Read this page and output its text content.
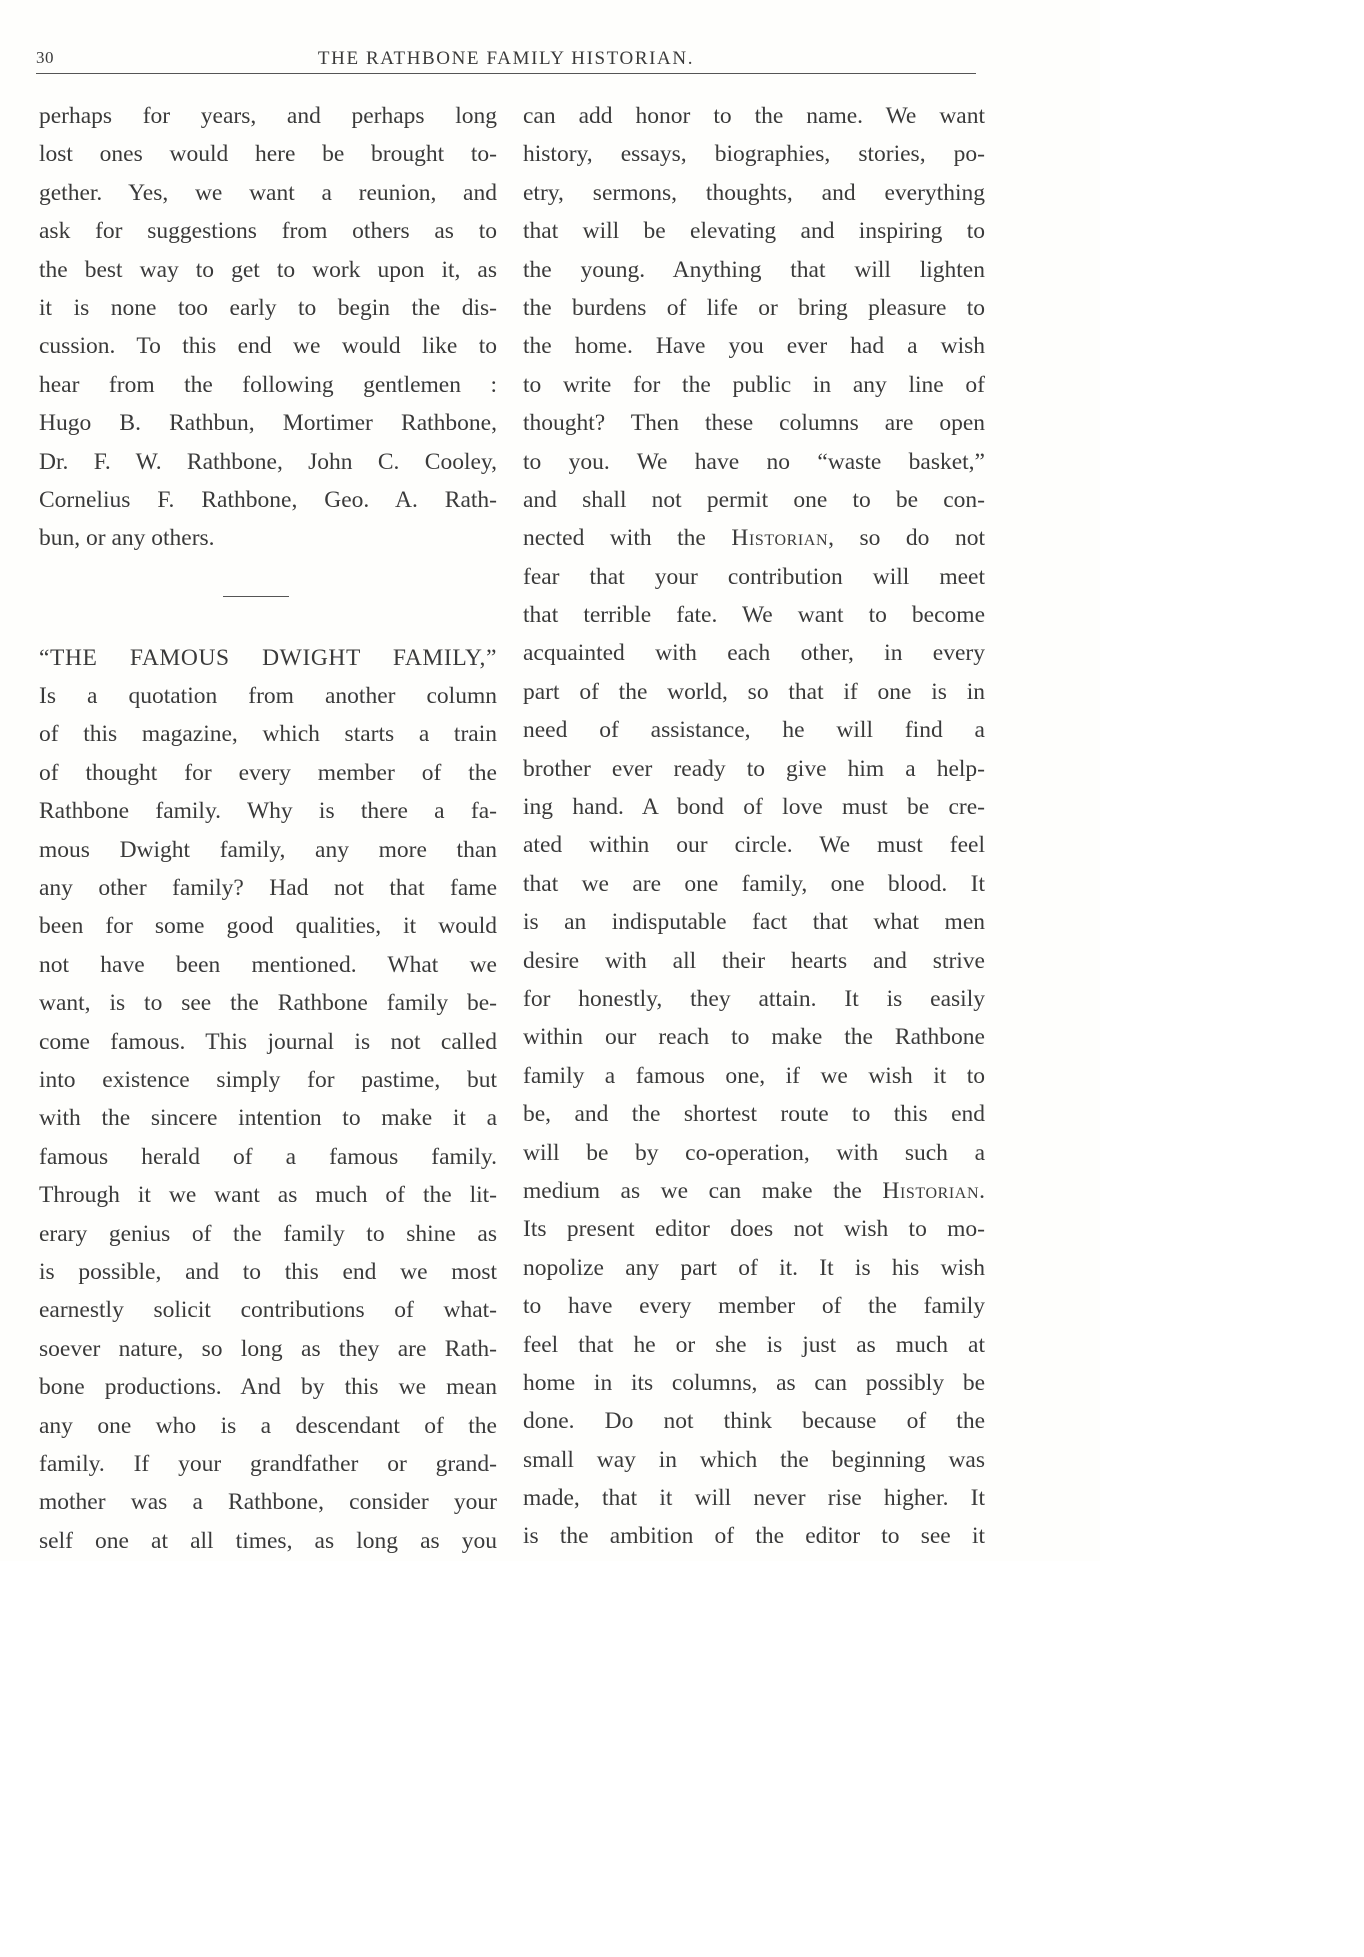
30	THE RATHBONE FAMILY HISTORIAN.
perhaps for years, and perhaps long
lost ones would here be brought to-
gether. Yes, we want a reunion, and
ask for suggestions from others as to
the best way to get to work upon it, as
it is none too early to begin the dis-
cussion. To this end we would like to
hear from the following gentlemen :
Hugo B. Rathbun, Mortimer Rathbone,
Dr. F. W. Rathbone, John C. Cooley,
Cornelius F. Rathbone, Geo. A. Rath-
bun, or any others.
“THE FAMOUS DWIGHT FAMILY,”
Is a quotation from another column
of this magazine, which starts a train
of thought for every member of the
Rathbone family. Why is there a fa-
mous Dwight family, any more than
any other family? Had not that fame
been for some good qualities, it would
not have been mentioned. What we
want, is to see the Rathbone family be-
come famous. This journal is not called
into existence simply for pastime, but
with the sincere intention to make it a
famous herald of a famous family.
Through it we want as much of the lit-
erary genius of the family to shine as
is possible, and to this end we most
earnestly solicit contributions of what-
soever nature, so long as they are Rath-
bone productions. And by this we mean
any one who is a descendant of the
family. If your grandfather or grand-
mother was a Rathbone, consider your
self one at all times, as long as you
can add honor to the name. We want
history, essays, biographies, stories, po-
etry, sermons, thoughts, and everything
that will be elevating and inspiring to
the young. Anything that will lighten
the burdens of life or bring pleasure to
the home. Have you ever had a wish
to write for the public in any line of
thought? Then these columns are open
to you. We have no “waste basket,”
and shall not permit one to be con-
nected with the Historian, so do not
fear that your contribution will meet
that terrible fate. We want to become
acquainted with each other, in every
part of the world, so that if one is in
need of assistance, he will find a
brother ever ready to give him a help-
ing hand. A bond of love must be cre-
ated within our circle. We must feel
that we are one family, one blood. It
is an indisputable fact that what men
desire with all their hearts and strive
for honestly, they attain. It is easily
within our reach to make the Rathbone
family a famous one, if we wish it to
be, and the shortest route to this end
will be by co-operation, with such a
medium as we can make the Historian.
Its present editor does not wish to mo-
nopolize any part of it. It is his wish
to have every member of the family
feel that he or she is just as much at
home in its columns, as can possibly be
done. Do not think because of the
small way in which the beginning was
made, that it will never rise higher. It
is the ambition of the editor to see it
